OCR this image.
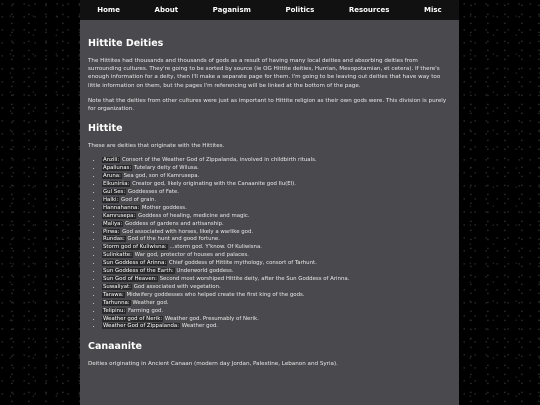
Home	About	Paganism	Politics	Resources	Misc
Hittite Deities

The Hittites had thousands and thousands of gods as a result of having many local deities and absorbing deities from surrounding cultures. They're going to be sorted by source (ie OG Hittite deities, Hurrian, Mesopotamian, et cetera). If there's enough information for a deity, then I'll make a separate page for them. I'm going to be leaving out deities that have way too little information on them, but the pages I'm referencing will be linked at the bottom of the page.

Note that the deities from other cultures were just as important to Hittite religion as their own gods were. This division is purely for organization.

Hittite

These are deities that originate with the Hittites.

• Anzili: Consort of the Weather God of Zippalanda, involved in childbirth rituals.
• Apaliunas: Tutelary deity of Wilusa.
• Aruna: Sea god, son of Kamrusepa.
• Elkunirša: Creator god, likely originating with the Canaanite god Ilu(El).
• Gul Ses: Goddesses of Fate.
• Halki: God of grain.
• Hannahanna: Mother goddess.
• Kamrusepa: Goddess of healing, medicine and magic.
• Maliya: Goddess of gardens and artisanship.
• Pirwa: God associated with horses, likely a warlike god.
• Rundas: God of the hunt and good fortune.
• Storm god of Kuliwisna: ...storm god. Y'know. Of Kuliwisna.
• Sulinkatte: War god, protector of houses and palaces.
• Sun Goddess of Arinna: Chief goddess of Hittite mythology, consort of Tarhunt.
• Sun Goddess of the Earth: Underworld goddess.
• Sun God of Heaven: Second most worshiped Hittite deity, after the Sun Goddess of Arinna.
• Suwaliyat: God associated with vegetation.
• Tarawa: Midwifery goddesses who helped create the first king of the gods.
• Tarhunna: Weather god.
• Telipinu: Farming god.
• Weather god of Nerik: Weather god. Presumably of Nerik.
• Weather God of Zippalanda: Weather god.
Canaanite

Deities originating in Ancient Canaan (modern day Jordan, Palestine, Lebanon and Syria).
